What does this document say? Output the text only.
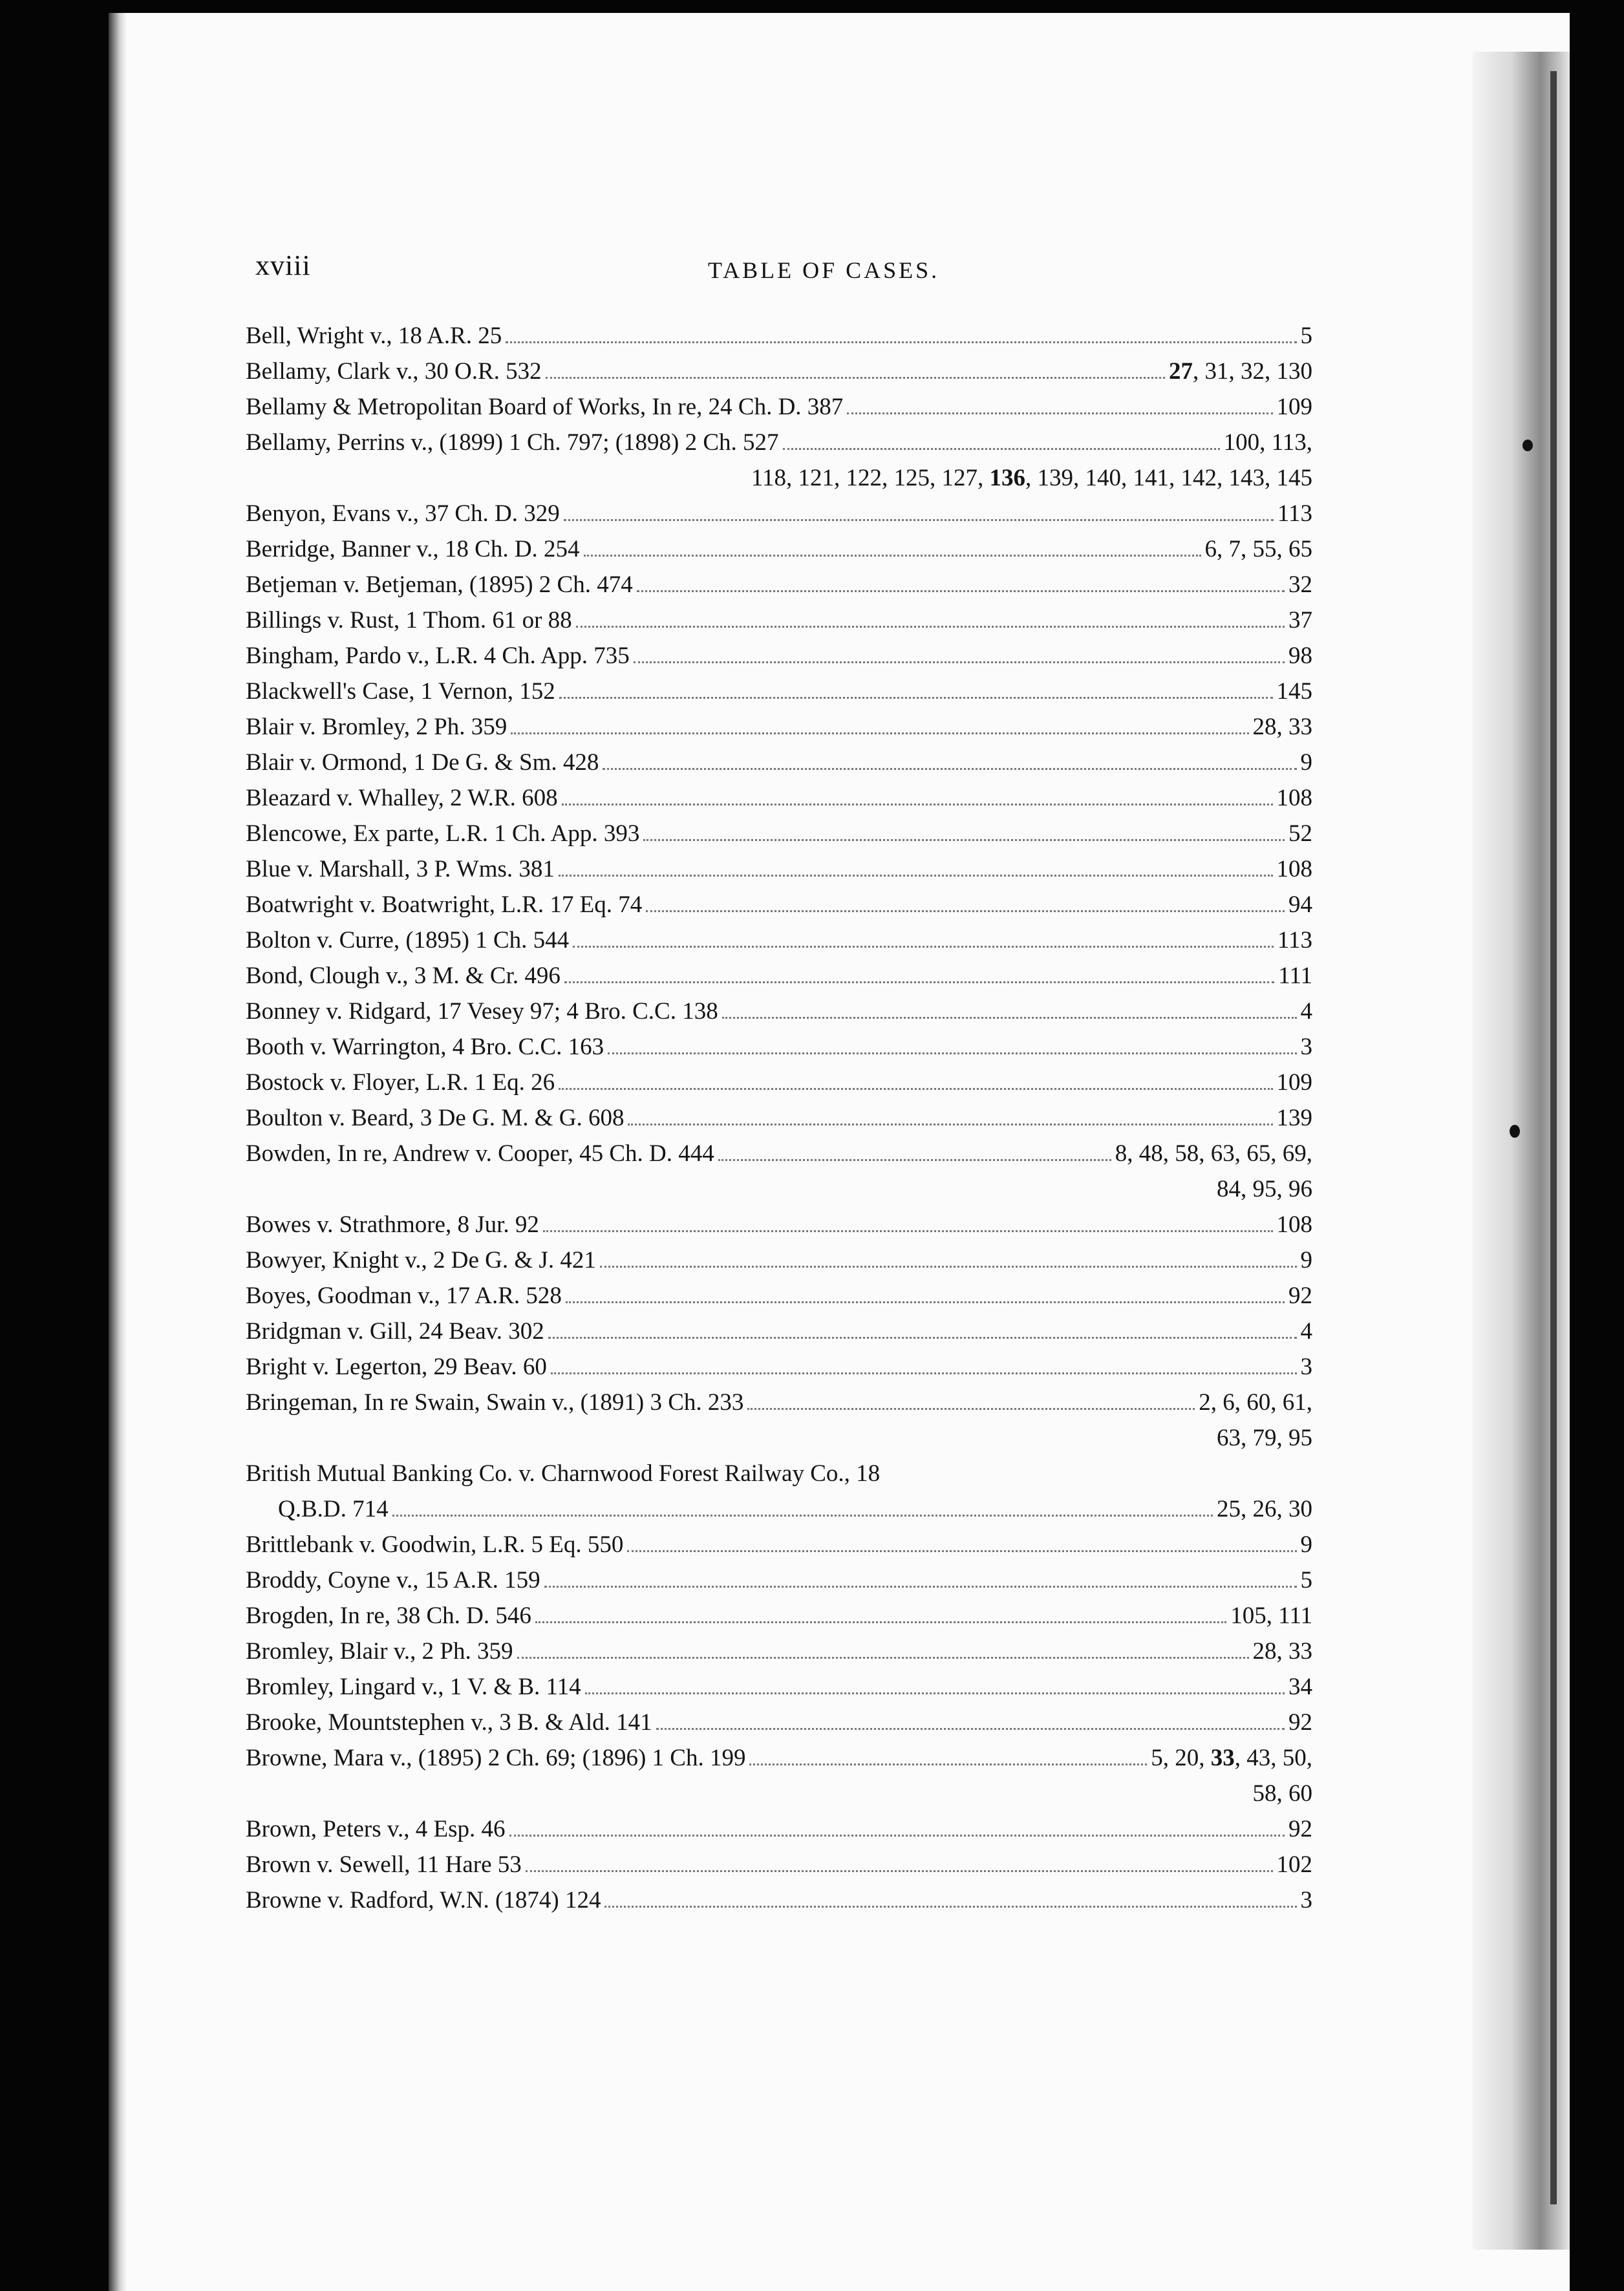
xviii	TABLE OF CASES.
Bell, Wright v., 18 A.R. 25	5
Bellamy, Clark v., 30 O.R. 532	27, 31, 32, 130
Bellamy & Metropolitan Board of Works, In re, 24 Ch. D. 387	109
Bellamy, Perrins v., (1899) 1 Ch. 797; (1898) 2 Ch. 527	100, 113,
118, 121, 122, 125, 127, 136, 139, 140, 141, 142, 143, 145
Benyon, Evans v., 37 Ch. D. 329	113
Berridge, Banner v., 18 Ch. D. 254	6, 7, 55, 65
Betjeman v. Betjeman, (1895) 2 Ch. 474	32
Billings v. Rust, 1 Thom. 61 or 88	37
Bingham, Pardo v., L.R. 4 Ch. App. 735	98
Blackwell's Case, 1 Vernon, 152	145
Blair v. Bromley, 2 Ph. 359	28, 33
Blair v. Ormond, 1 De G. & Sm. 428	9
Bleazard v. Whalley, 2 W.R. 608	108
Blencowe, Ex parte, L.R. 1 Ch. App. 393	52
Blue v. Marshall, 3 P. Wms. 381	108
Boatwright v. Boatwright, L.R. 17 Eq. 74	94
Bolton v. Curre, (1895) 1 Ch. 544	113
Bond, Clough v., 3 M. & Cr. 496	111
Bonney v. Ridgard, 17 Vesey 97; 4 Bro. C.C. 138	4
Booth v. Warrington, 4 Bro. C.C. 163	3
Bostock v. Floyer, L.R. 1 Eq. 26	109
Boulton v. Beard, 3 De G. M. & G. 608	139
Bowden, In re, Andrew v. Cooper, 45 Ch. D. 444	8, 48, 58, 63, 65, 69,
84, 95, 96
Bowes v. Strathmore, 8 Jur. 92	108
Bowyer, Knight v., 2 De G. & J. 421	9
Boyes, Goodman v., 17 A.R. 528	92
Bridgman v. Gill, 24 Beav. 302	4
Bright v. Legerton, 29 Beav. 60	3
Bringeman, In re Swain, Swain v., (1891) 3 Ch. 233	2, 6, 60, 61,
63, 79, 95
British Mutual Banking Co. v. Charnwood Forest Railway Co., 18
Q.B.D. 714	25, 26, 30
Brittlebank v. Goodwin, L.R. 5 Eq. 550	9
Broddy, Coyne v., 15 A.R. 159	5
Brogden, In re, 38 Ch. D. 546	105, 111
Bromley, Blair v., 2 Ph. 359	28, 33
Bromley, Lingard v., 1 V. & B. 114	34
Brooke, Mountstephen v., 3 B. & Ald. 141	92
Browne, Mara v., (1895) 2 Ch. 69; (1896) 1 Ch. 199	5, 20, 33, 43, 50,
58, 60
Brown, Peters v., 4 Esp. 46	92
Brown v. Sewell, 11 Hare 53	102
Browne v. Radford, W.N. (1874) 124	3
